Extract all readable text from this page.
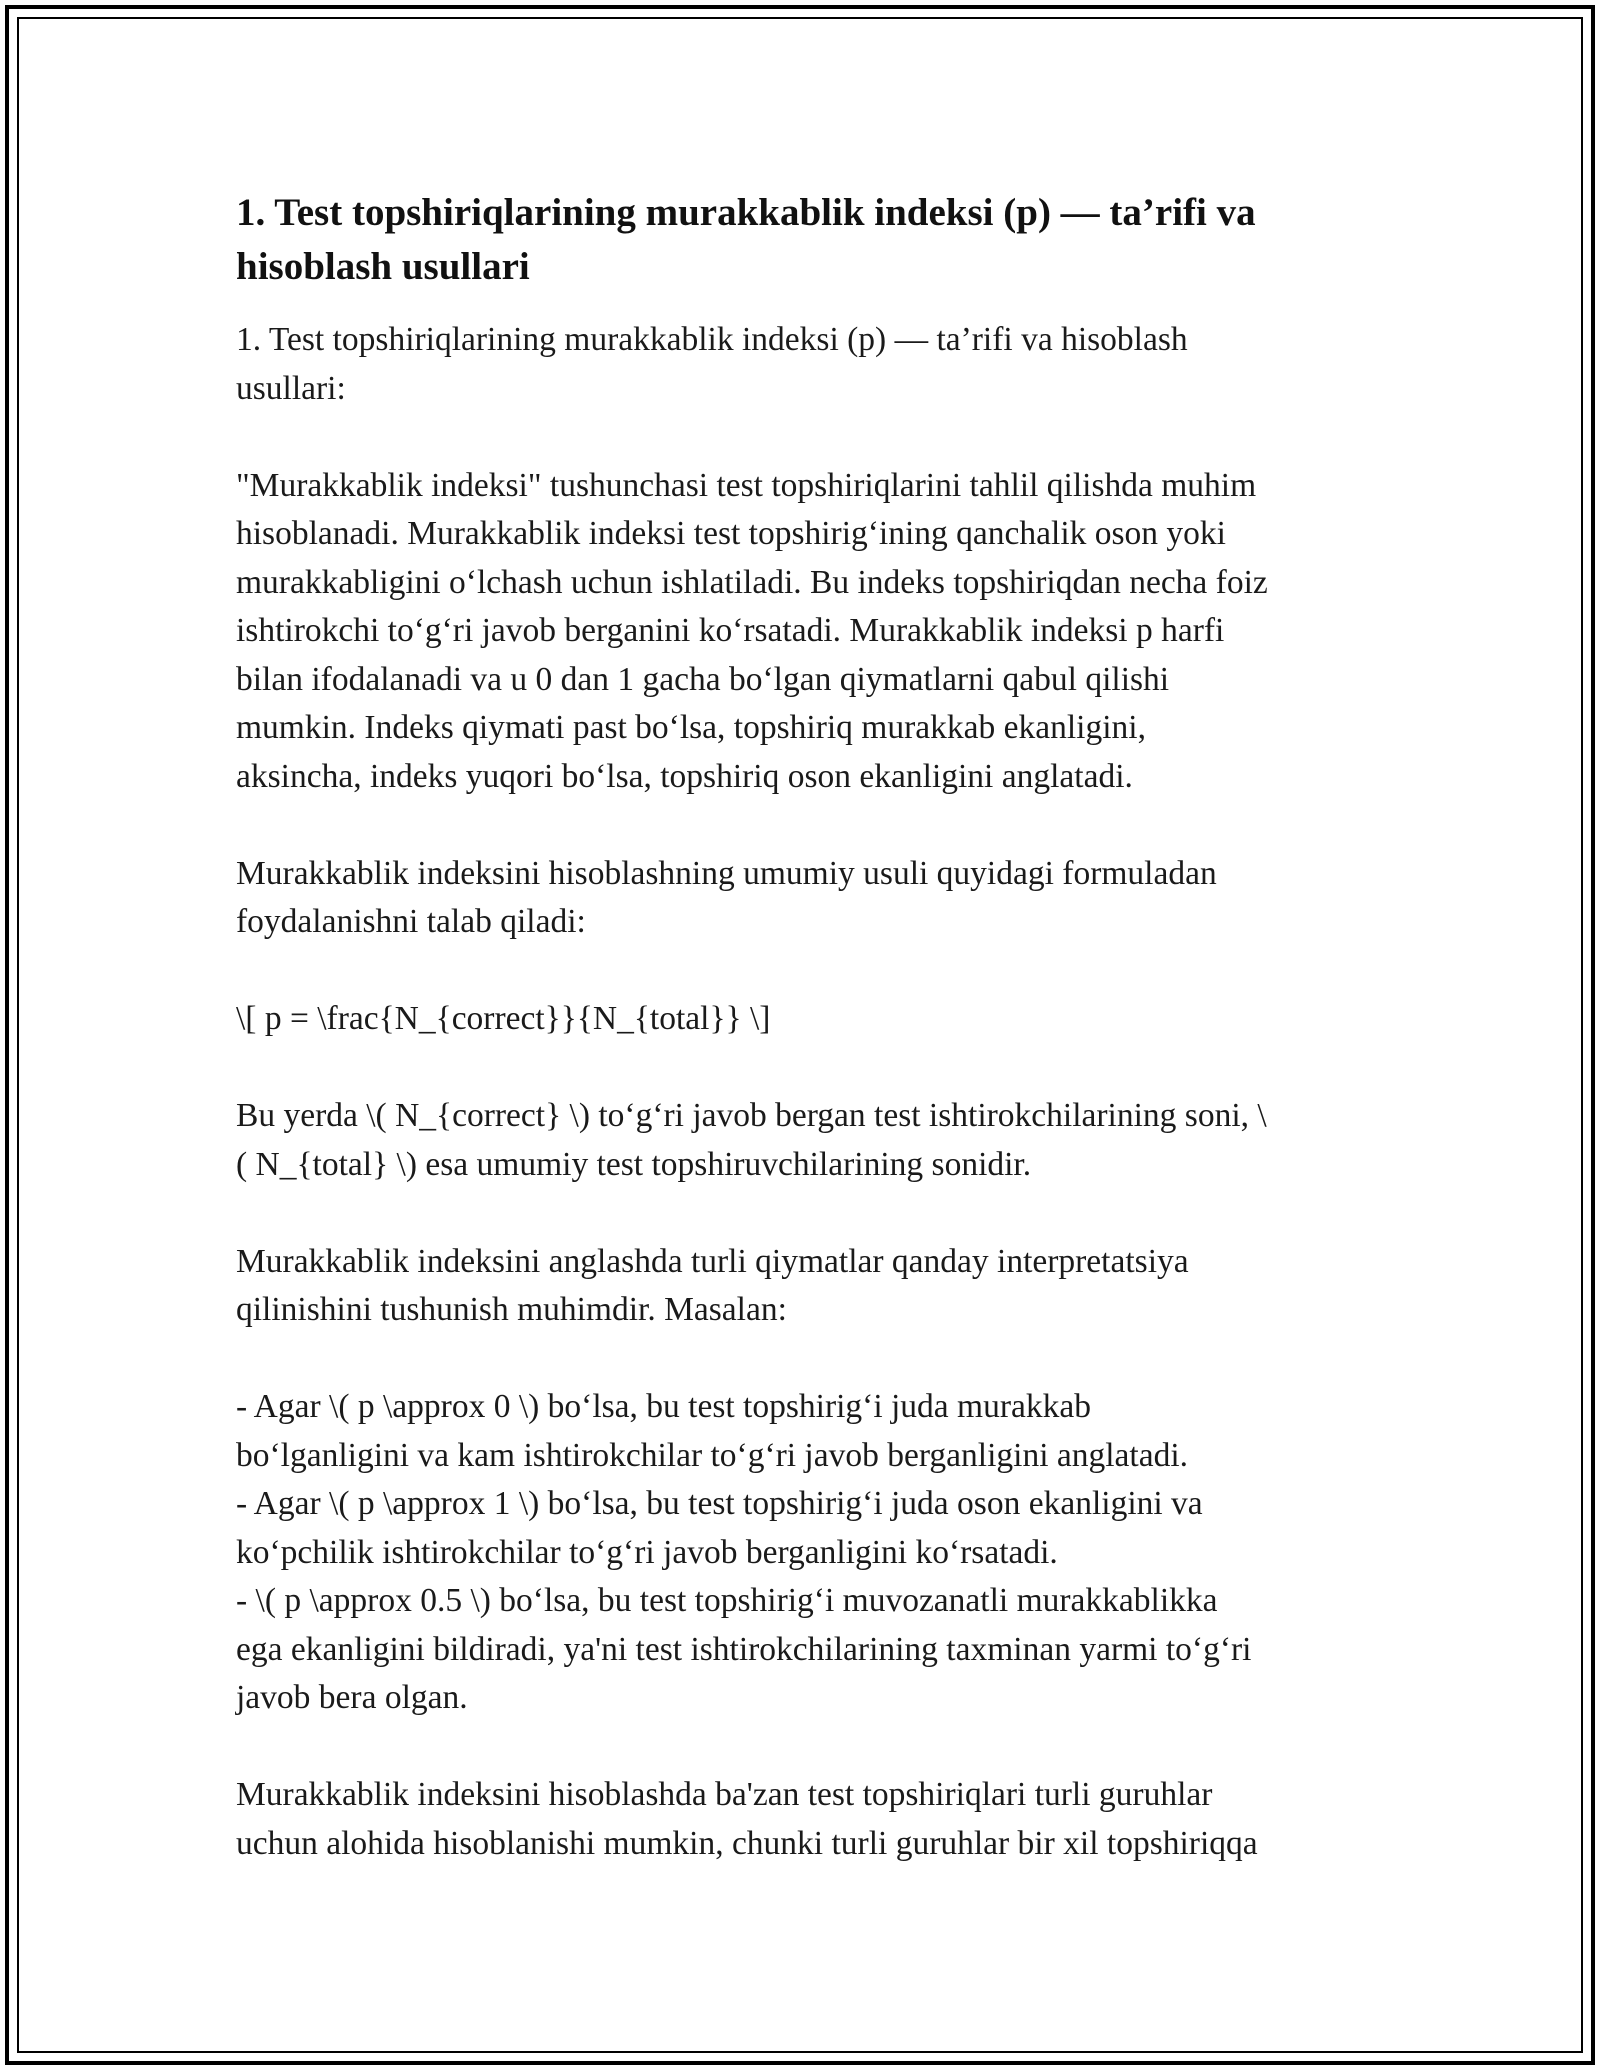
1. Test topshiriqlarining murakkablik indeksi (p) — ta’rifi va
hisoblash usullari

1. Test topshiriqlarining murakkablik indeksi (p) — ta’rifi va hisoblash
usullari:

"Murakkablik indeksi" tushunchasi test topshiriqlarini tahlil qilishda muhim
hisoblanadi. Murakkablik indeksi test topshirig‘ining qanchalik oson yoki
murakkabligini o‘lchash uchun ishlatiladi. Bu indeks topshiriqdan necha foiz
ishtirokchi to‘g‘ri javob berganini ko‘rsatadi. Murakkablik indeksi p harfi
bilan ifodalanadi va u 0 dan 1 gacha bo‘lgan qiymatlarni qabul qilishi
mumkin. Indeks qiymati past bo‘lsa, topshiriq murakkab ekanligini,
aksincha, indeks yuqori bo‘lsa, topshiriq oson ekanligini anglatadi.

Murakkablik indeksini hisoblashning umumiy usuli quyidagi formuladan
foydalanishni talab qiladi:

\[ p = \frac{N_{correct}}{N_{total}} \]

Bu yerda \( N_{correct} \) to‘g‘ri javob bergan test ishtirokchilarining soni, \
( N_{total} \) esa umumiy test topshiruvchilarining sonidir.

Murakkablik indeksini anglashda turli qiymatlar qanday interpretatsiya
qilinishini tushunish muhimdir. Masalan:

- Agar \( p \approx 0 \) bo‘lsa, bu test topshirig‘i juda murakkab
bo‘lganligini va kam ishtirokchilar to‘g‘ri javob berganligini anglatadi.
- Agar \( p \approx 1 \) bo‘lsa, bu test topshirig‘i juda oson ekanligini va
ko‘pchilik ishtirokchilar to‘g‘ri javob berganligini ko‘rsatadi.
- \( p \approx 0.5 \) bo‘lsa, bu test topshirig‘i muvozanatli murakkablikka
ega ekanligini bildiradi, ya'ni test ishtirokchilarining taxminan yarmi to‘g‘ri
javob bera olgan.

Murakkablik indeksini hisoblashda ba'zan test topshiriqlari turli guruhlar
uchun alohida hisoblanishi mumkin, chunki turli guruhlar bir xil topshiriqqa
